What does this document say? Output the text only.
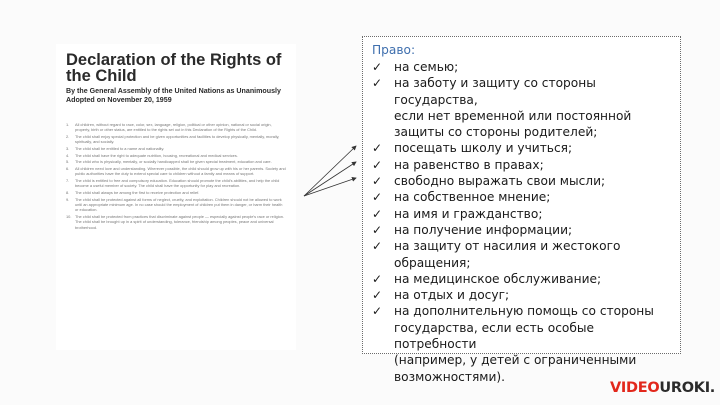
Declaration of the Rights of the Child
By the General Assembly of the United Nations as Unanimously Adopted on November 20, 1959
1.	All children, without regard to race, color, sex, language, religion, political or other opinion, national or social origin, property, birth or other status, are entitled to the rights set out in this Declaration of the Rights of the Child.
2.	The child shall enjoy special protection and be given opportunities and facilities to develop physically, mentally, morally, spiritually, and socially.
3.	The child shall be entitled to a name and nationality.
4.	The child shall have the right to adequate nutrition, housing, recreational and medical services.
5.	The child who is physically, mentally, or socially handicapped shall be given special treatment, education and care.
6.	All children need love and understanding. Wherever possible, the child should grow up with his or her parents. Society and public authorities have the duty to extend special care to children without a family and means of support.
7.	The child is entitled to free and compulsory education. Education should promote the child's abilities, and help the child become a useful member of society. The child shall have the opportunity for play and recreation.
8.	The child shall always be among the first to receive protection and relief.
9.	The child shall be protected against all forms of neglect, cruelty, and exploitation. Children should not be allowed to work until an appropriate minimum age. In no case should the employment of children put them in danger, or harm their health or education.
10. The child shall be protected from practices that discriminate against people — especially against people's race or religion. The child shall be brought up in a spirit of understanding, tolerance, friendship among peoples, peace and universal brotherhood.
Право:
✓ на семью;
✓ на заботу и защиту со стороны государства,
если нет временной или постоянной
защиты со стороны родителей;
✓ посещать школу и учиться;
✓ на равенство в правах;
✓ свободно выражать свои мысли;
✓ на собственное мнение;
✓ на имя и гражданство;
✓ на получение информации;
✓ на защиту от насилия и жестокого
обращения;
✓ на медицинское обслуживание;
✓ на отдых и досуг;
✓ на дополнительную помощь со стороны
государства, если есть особые потребности
(например, у детей с ограниченными
возможностями).
VIDEOUROKI.
